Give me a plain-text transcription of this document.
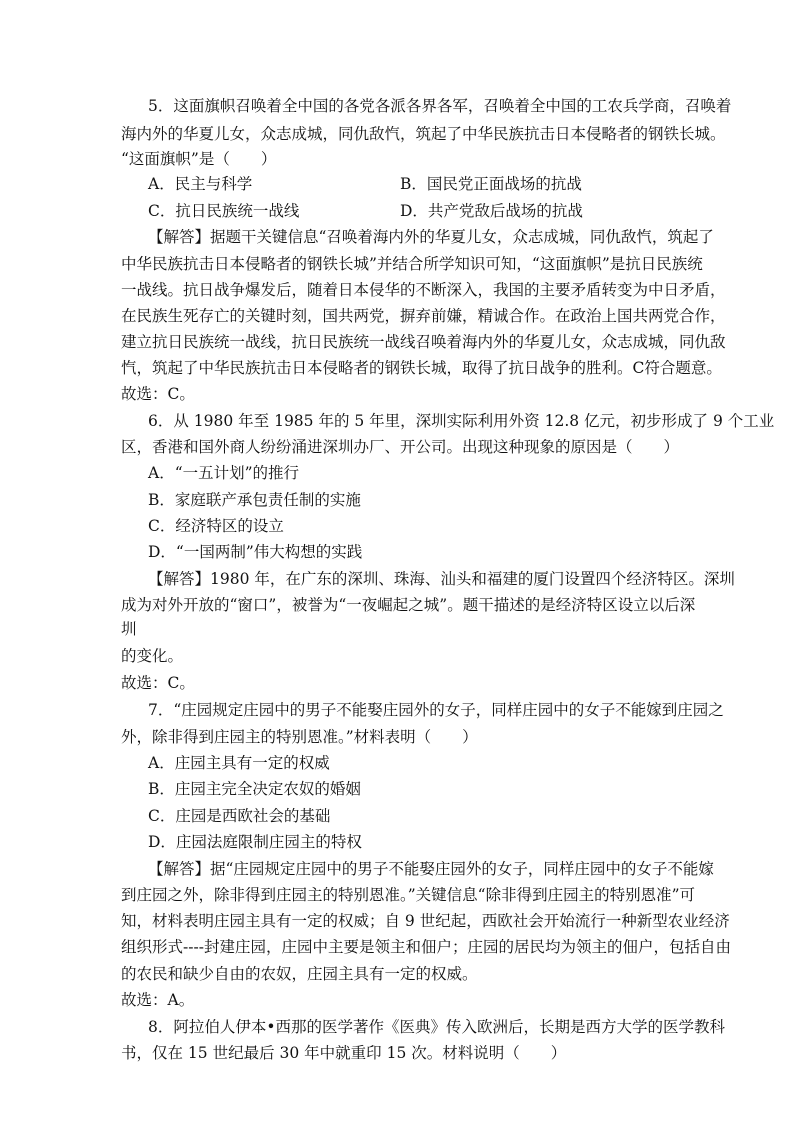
5．这面旗帜召唤着全中国的各党各派各界各军，召唤着全中国的工农兵学商，召唤着
海内外的华夏儿女，众志成城，同仇敌忾，筑起了中华民族抗击日本侵略者的钢铁长城。
“这面旗帜”是（　　）
A．民主与科学	B．国民党正面战场的抗战
C．抗日民族统一战线	D．共产党敌后战场的抗战
【解答】据题干关键信息“召唤着海内外的华夏儿女，众志成城，同仇敌忾，筑起了
中华民族抗击日本侵略者的钢铁长城”并结合所学知识可知，“这面旗帜”是抗日民族统
一战线。抗日战争爆发后，随着日本侵华的不断深入，我国的主要矛盾转变为中日矛盾，
在民族生死存亡的关键时刻，国共两党，摒弃前嫌，精诚合作。在政治上国共两党合作，
建立抗日民族统一战线，抗日民族统一战线召唤着海内外的华夏儿女，众志成城，同仇敌
忾，筑起了中华民族抗击日本侵略者的钢铁长城，取得了抗日战争的胜利。C符合题意。
故选：C。
6．从 1980 年至 1985 年的 5 年里，深圳实际利用外资 12.8 亿元，初步形成了 9 个工业
区，香港和国外商人纷纷涌进深圳办厂、开公司。出现这种现象的原因是（　　）
A．“一五计划”的推行
B．家庭联产承包责任制的实施
C．经济特区的设立
D．“一国两制”伟大构想的实践
【解答】1980 年，在广东的深圳、珠海、汕头和福建的厦门设置四个经济特区。深圳
成为对外开放的“窗口”，被誉为“一夜崛起之城”。题干描述的是经济特区设立以后深
圳
的变化。
故选：C。
7．“庄园规定庄园中的男子不能娶庄园外的女子，同样庄园中的女子不能嫁到庄园之
外，除非得到庄园主的特别恩准。”材料表明（　　）
A．庄园主具有一定的权威
B．庄园主完全决定农奴的婚姻
C．庄园是西欧社会的基础
D．庄园法庭限制庄园主的特权
【解答】据“庄园规定庄园中的男子不能娶庄园外的女子，同样庄园中的女子不能嫁
到庄园之外，除非得到庄园主的特别恩准。”关键信息“除非得到庄园主的特别恩准”可
知，材料表明庄园主具有一定的权威；自 9 世纪起，西欧社会开始流行一种新型农业经济
组织形式----封建庄园，庄园中主要是领主和佃户；庄园的居民均为领主的佃户，包括自由
的农民和缺少自由的农奴，庄园主具有一定的权威。
故选：A。
8．阿拉伯人伊本•西那的医学著作《医典》传入欧洲后，长期是西方大学的医学教科
书，仅在 15 世纪最后 30 年中就重印 15 次。材料说明（　　）
